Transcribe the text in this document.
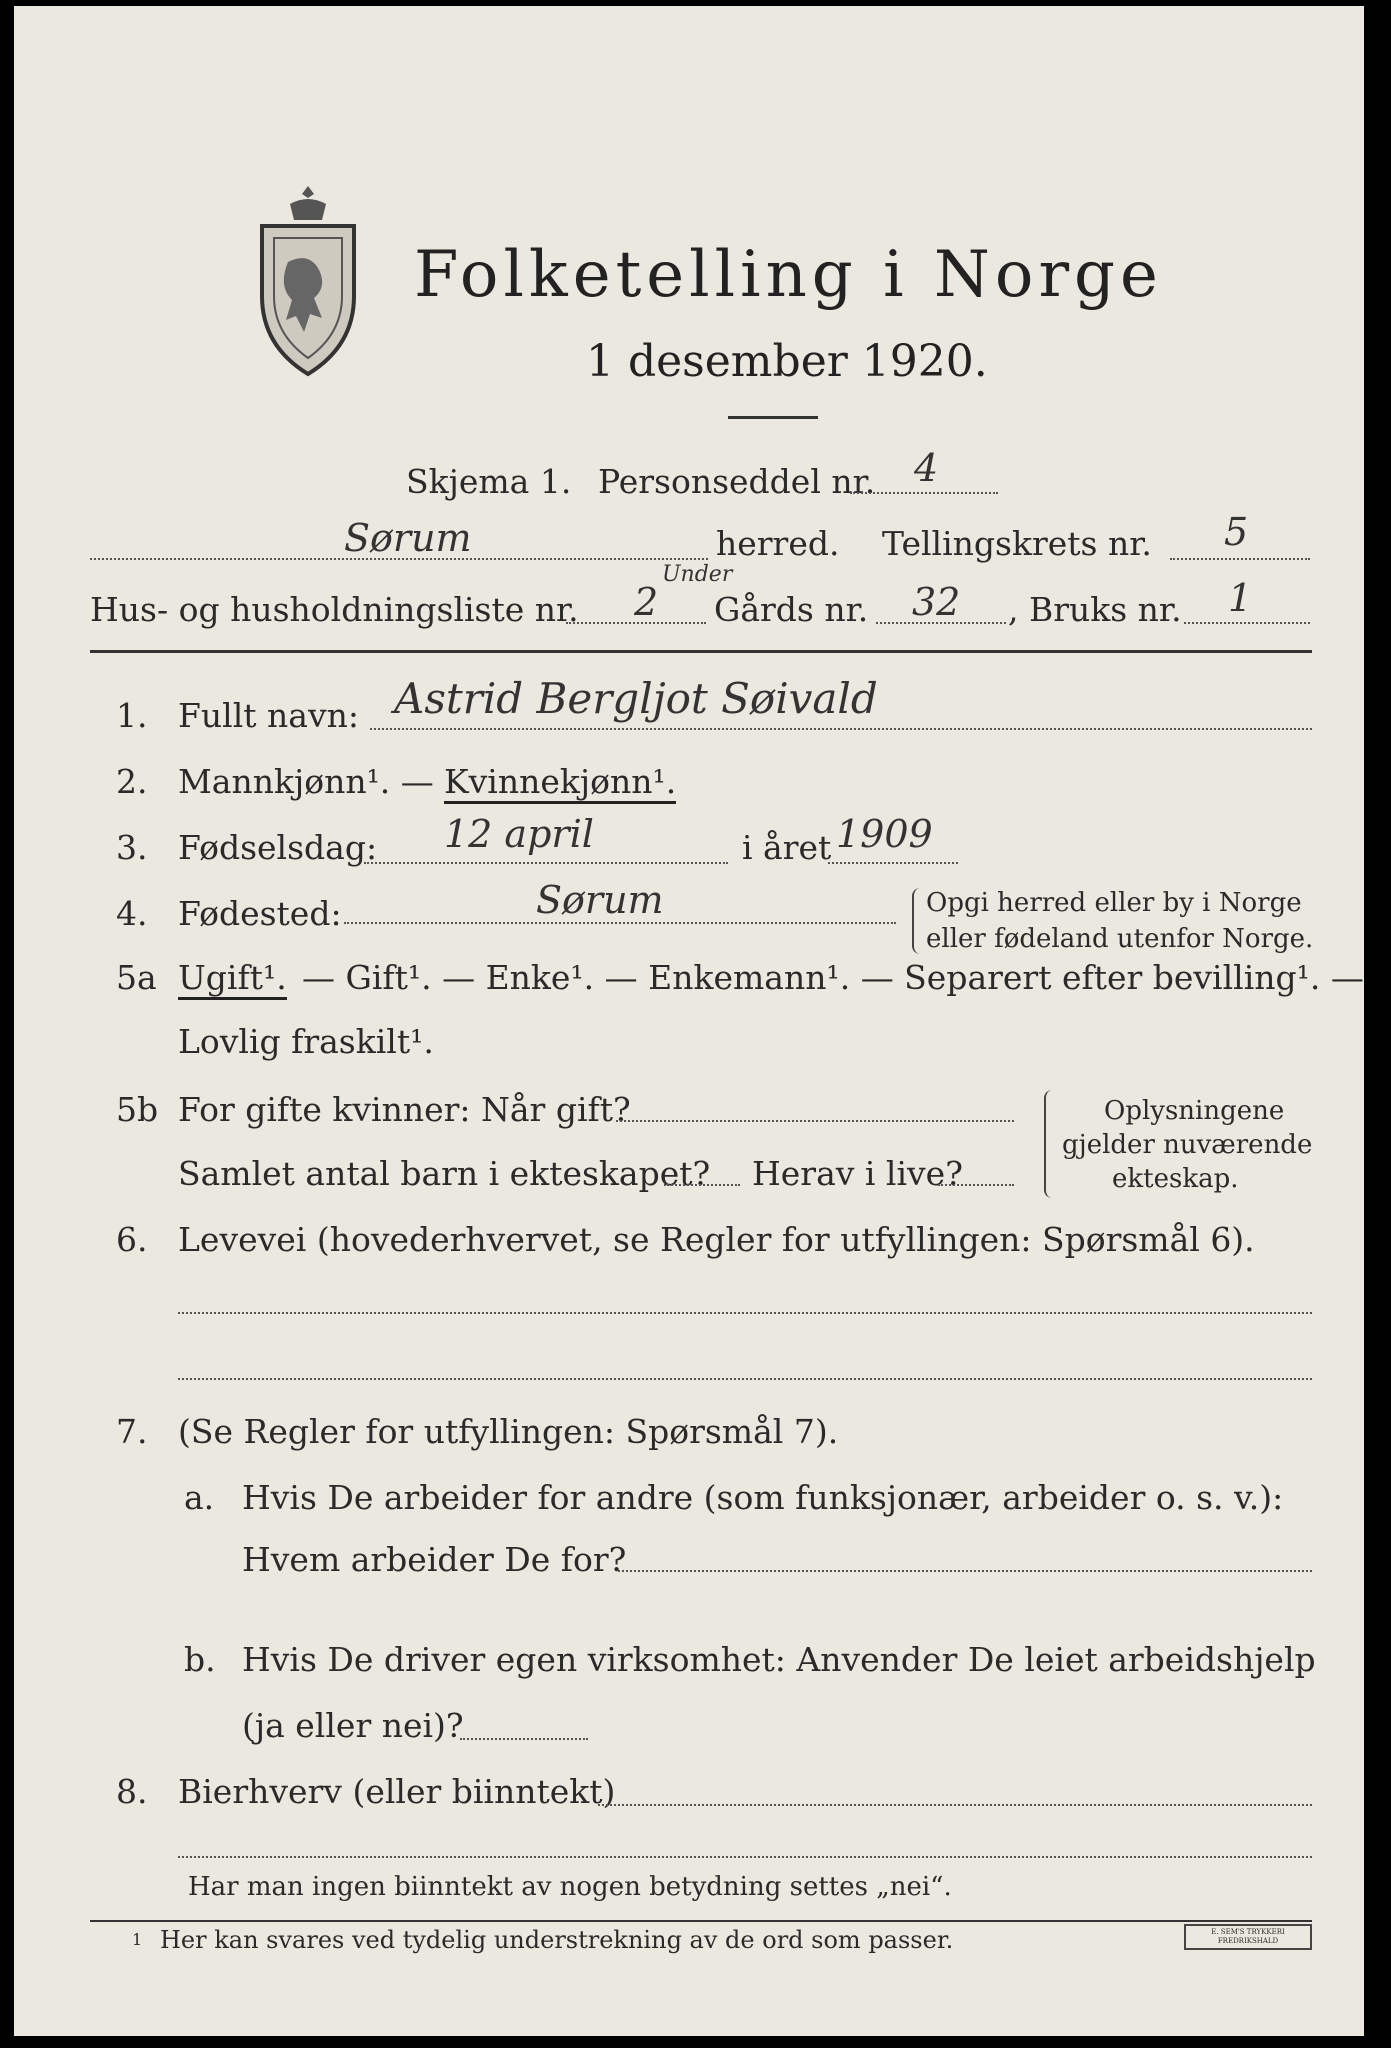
Folketelling i Norge
1 desember 1920.
Skjema 1. Personseddel nr. 4
Sørum	herred. Tellingskrets nr. 5
Hus- og husholdningsliste nr. 2
Under
Gårds nr. 32 , Bruks nr. 1
1. Fullt navn: Astrid Bergljot Søivald
2. Mannkjønn¹. — Kvinnekjønn¹.
3. Fødselsdag: 12 april	i året 1909
4. Fødested:	Sørum	Opgi herred eller by i Norge
eller fødeland utenfor Norge.
5a Ugift¹. — Gift¹. — Enke¹. — Enkemann¹. — Separert efter bevilling¹. —
Lovlig fraskilt¹.
5b For gifte kvinner: Når gift?
Samlet antal barn i ekteskapet? Herav i live?
Oplysningene
gjelder nuværende
ekteskap.
6. Levevei (hovederhvervet, se Regler for utfyllingen: Spørsmål 6).
7. (Se Regler for utfyllingen: Spørsmål 7).
a. Hvis De arbeider for andre (som funksjonær, arbeider o. s. v.):
Hvem arbeider De for?
b. Hvis De driver egen virksomhet: Anvender De leiet arbeidshjelp
(ja eller nei)?
8. Bierhverv (eller biinntekt)
Har man ingen biinntekt av nogen betydning settes „nei“.
1 Her kan svares ved tydelig understrekning av de ord som passer.	E. SEM'S TRYKKERI FREDRIKSHALD
